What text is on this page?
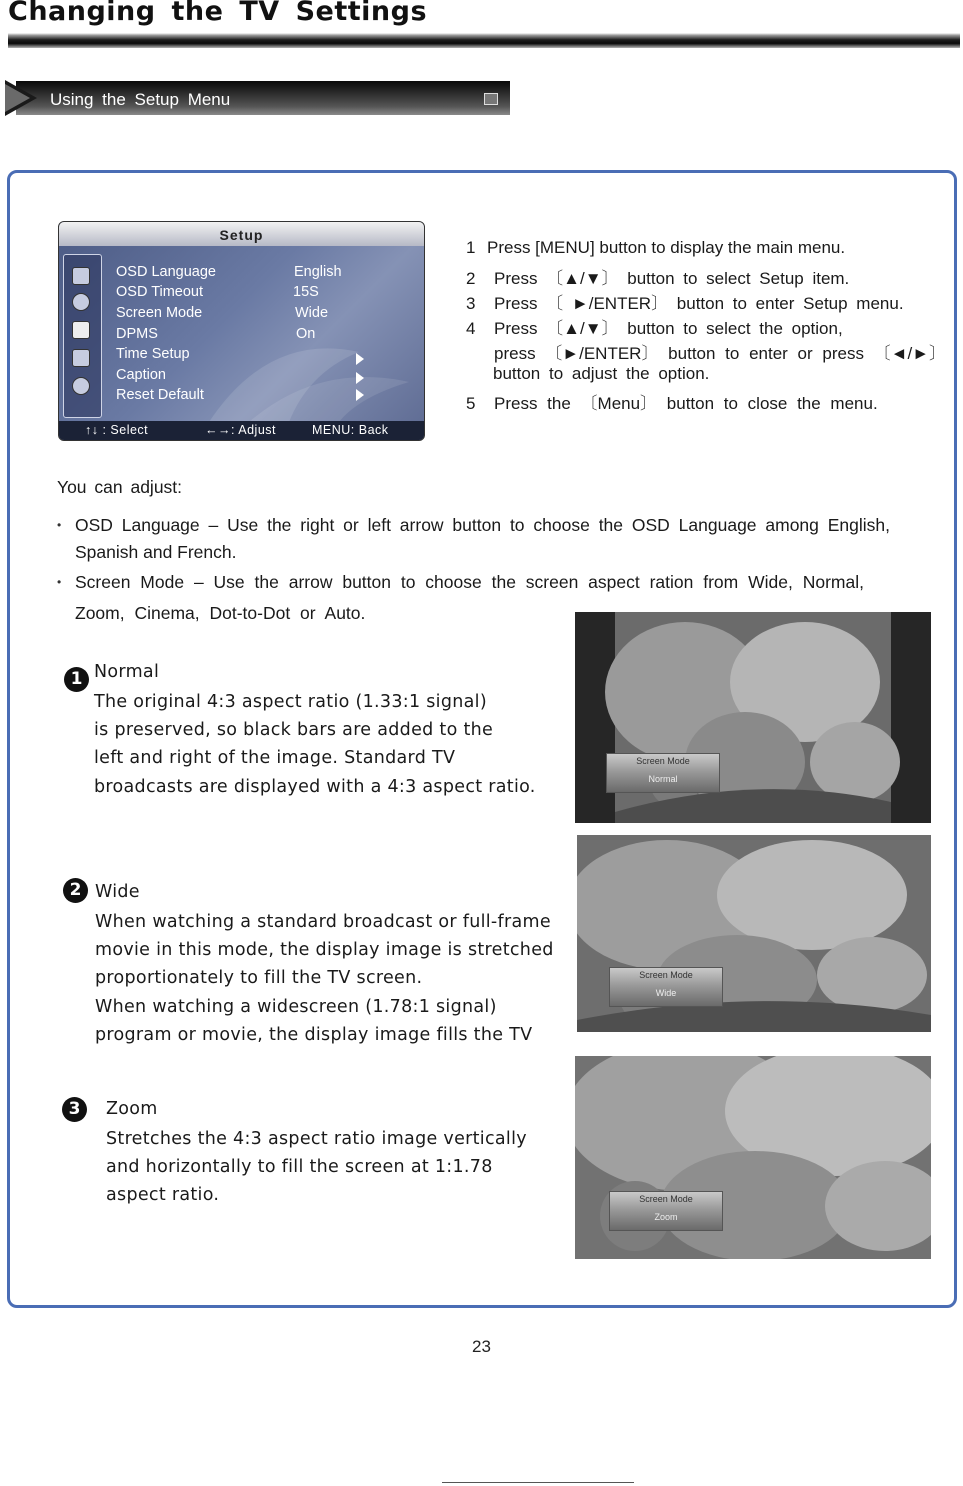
Changing the TV Settings
Using the Setup Menu
Setup
OSD Language	English
OSD Timeout	15S
Screen Mode	Wide
DPMS	On
Time Setup
Caption
Reset Default
↑↓ : Select	←→: Adjust	MENU: Back
1 Press [MENU] button to display the main menu.
2 Press 〔▲/▼〕 button to select Setup item.
3 Press 〔 ►/ENTER〕 button to enter Setup menu.
4 Press 〔▲/▼〕 button to select the option,
press 〔►/ENTER〕 button to enter or press 〔◄/►〕
button to adjust the option.
5 Press the 〔Menu〕 button to close the menu.
You can adjust:
• OSD Language – Use the right or left arrow button to choose the OSD Language among English,
Spanish and French.
• Screen Mode – Use the arrow button to choose the screen aspect ration from Wide, Normal,
Zoom, Cinema, Dot-to-Dot or Auto.
1 Normal
The original 4:3 aspect ratio (1.33:1 signal)
is preserved, so black bars are added to the
left and right of the image. Standard TV
broadcasts are displayed with a 4:3 aspect ratio.
Screen Mode
Normal
2 Wide
When watching a standard broadcast or full-frame
movie in this mode, the display image is stretched
proportionately to fill the TV screen.
When watching a widescreen (1.78:1 signal)
program or movie, the display image fills the TV
Screen Mode
Wide
3	Zoom
Stretches the 4:3 aspect ratio image vertically
and horizontally to fill the screen at 1:1.78
aspect ratio.	Screen Mode
Zoom
23
